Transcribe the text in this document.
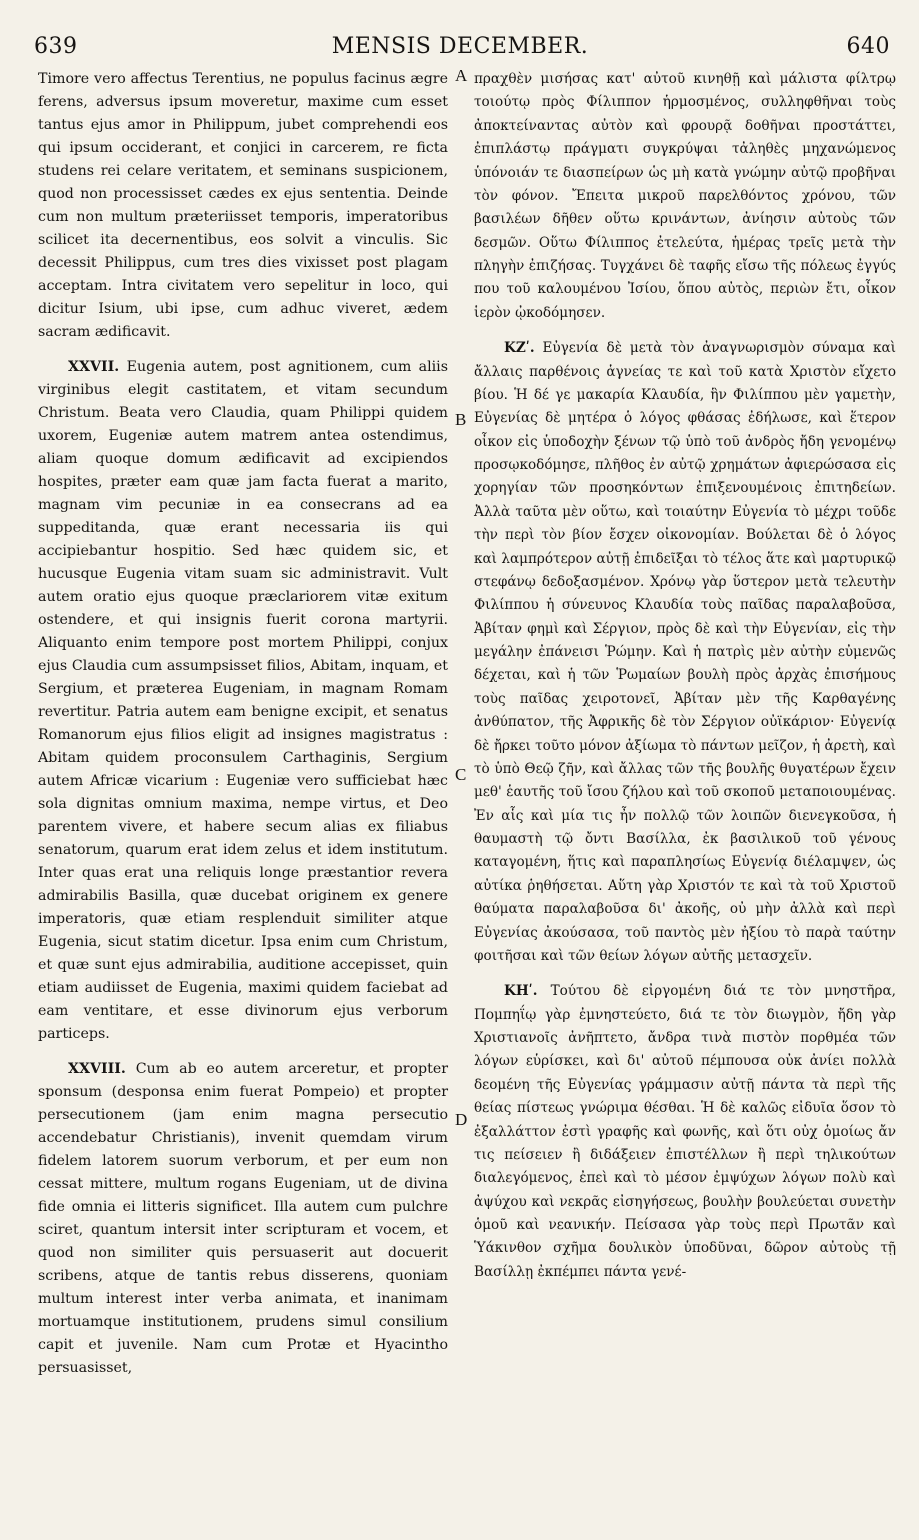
639	MENSIS DECEMBER.	640

Timore vero affectus Terentius, ne populus facinus ægre ferens, adversus ipsum moveretur, maxime cum esset tantus ejus amor in Philippum, jubet comprehendi eos qui ipsum occiderant, et conjici in carcerem, re ficta studens rei celare veritatem, et seminans suspicionem, quod non processisset cædes ex ejus sententia. Deinde cum non multum præteriisset temporis, imperatoribus scilicet ita decernentibus, eos solvit a vinculis. Sic decessit Philippus, cum tres dies vixisset post plagam acceptam. Intra civitatem vero sepelitur in loco, qui dicitur Isium, ubi ipse, cum adhuc viveret, ædem sacram ædificavit.

XXVII. Eugenia autem, post agnitionem, cum aliis virginibus elegit castitatem, et vitam secundum Christum. Beata vero Claudia, quam Philippi quidem uxorem, Eugeniæ autem matrem antea ostendimus, aliam quoque domum ædificavit ad excipiendos hospites, præter eam quæ jam facta fuerat a marito, magnam vim pecuniæ in ea consecrans ad ea suppeditanda, quæ erant necessaria iis qui accipiebantur hospitio. Sed hæc quidem sic, et hucusque Eugenia vitam suam sic administravit. Vult autem oratio ejus quoque præclariorem vitæ exitum ostendere, et qui insignis fuerit corona martyrii. Aliquanto enim tempore post mortem Philippi, conjux ejus Claudia cum assumpsisset filios, Abitam, inquam, et Sergium, et præterea Eugeniam, in magnam Romam revertitur. Patria autem eam benigne excipit, et senatus Romanorum ejus filios eligit ad insignes magistratus : Abitam quidem proconsulem Carthaginis, Sergium autem Africæ vicarium : Eugeniæ vero sufficiebat hæc sola dignitas omnium maxima, nempe virtus, et Deo parentem vivere, et habere secum alias ex filiabus senatorum, quarum erat idem zelus et idem institutum. Inter quas erat una reliquis longe præstantior revera admirabilis Basilla, quæ ducebat originem ex genere imperatoris, quæ etiam resplenduit similiter atque Eugenia, sicut statim dicetur. Ipsa enim cum Christum, et quæ sunt ejus admirabilia, auditione accepisset, quin etiam audiisset de Eugenia, maximi quidem faciebat ad eam ventitare, et esse divinorum ejus verborum particeps.

XXVIII. Cum ab eo autem arceretur, et propter sponsum (desponsa enim fuerat Pompeio) et propter persecutionem (jam enim magna persecutio accendebatur Christianis), invenit quemdam virum fidelem latorem suorum verborum, et per eum non cessat mittere, multum rogans Eugeniam, ut de divina fide omnia ei litteris significet. Illa autem cum pulchre sciret, quantum intersit inter scripturam et vocem, et quod non similiter quis persuaserit aut docuerit scribens, atque de tantis rebus disserens, quoniam multum interest inter verba animata, et inanimam mortuamque institutionem, prudens simul consilium capit et juvenile. Nam cum Protæ et Hyacintho persuasisset,

A
B
C
D

πραχθὲν μισήσας κατ' αὐτοῦ κινηθῇ καὶ μάλιστα φίλτρῳ τοιούτῳ πρὸς Φίλιππον ἡρμοσμένος, συλληφθῆναι τοὺς ἀποκτείναντας αὐτὸν καὶ φρουρᾷ δοθῆναι προστάττει, ἐπιπλάστῳ πράγματι συγκρύψαι τἀληθὲς μηχανώμενος ὑπόνοιάν τε διασπείρων ὡς μὴ κατὰ γνώμην αὐτῷ προβῆναι τὸν φόνον. Ἔπειτα μικροῦ παρελθόντος χρόνου, τῶν βασιλέων δῆθεν οὕτω κρινάντων, ἀνίησιν αὐτοὺς τῶν δεσμῶν. Οὕτω Φίλιππος ἐτελεύτα, ἡμέρας τρεῖς μετὰ τὴν πληγὴν ἐπιζήσας. Τυγχάνει δὲ ταφῆς εἴσω τῆς πόλεως ἐγγύς που τοῦ καλουμένου Ἰσίου, ὅπου αὐτὸς, περιὼν ἔτι, οἶκον ἱερὸν ᾠκοδόμησεν.

ΚΖʹ. Εὐγενία δὲ μετὰ τὸν ἀναγνωρισμὸν σύναμα καὶ ἄλλαις παρθένοις ἁγνείας τε καὶ τοῦ κατὰ Χριστὸν εἴχετο βίου. Ἡ δέ γε μακαρία Κλαυδία, ἣν Φιλίππου μὲν γαμετὴν, Εὐγενίας δὲ μητέρα ὁ λόγος φθάσας ἐδήλωσε, καὶ ἕτερον οἶκον εἰς ὑποδοχὴν ξένων τῷ ὑπὸ τοῦ ἀνδρὸς ἤδη γενομένῳ προσῳκοδόμησε, πλῆθος ἐν αὐτῷ χρημάτων ἀφιερώσασα εἰς χορηγίαν τῶν προσηκόντων ἐπιξενουμένοις ἐπιτηδείων. Ἀλλὰ ταῦτα μὲν οὕτω, καὶ τοιαύτην Εὐγενία τὸ μέχρι τοῦδε τὴν περὶ τὸν βίον ἔσχεν οἰκονομίαν. Βούλεται δὲ ὁ λόγος καὶ λαμπρότερον αὐτῇ ἐπιδεῖξαι τὸ τέλος ἅτε καὶ μαρτυρικῷ στεφάνῳ δεδοξασμένον. Χρόνῳ γὰρ ὕστερον μετὰ τελευτὴν Φιλίππου ἡ σύνευνος Κλαυδία τοὺς παῖδας παραλαβοῦσα, Ἀβίταν φημὶ καὶ Σέργιον, πρὸς δὲ καὶ τὴν Εὐγενίαν, εἰς τὴν μεγάλην ἐπάνεισι Ῥώμην. Καὶ ἡ πατρὶς μὲν αὐτὴν εὐμενῶς δέχεται, καὶ ἡ τῶν Ῥωμαίων βουλὴ πρὸς ἀρχὰς ἐπισήμους τοὺς παῖδας χειροτονεῖ, Ἀβίταν μὲν τῆς Καρθαγένης ἀνθύπατον, τῆς Ἀφρικῆς δὲ τὸν Σέργιον οὐϊκάριον· Εὐγενίᾳ δὲ ἤρκει τοῦτο μόνον ἀξίωμα τὸ πάντων μεῖζον, ἡ ἀρετὴ, καὶ τὸ ὑπὸ Θεῷ ζῆν, καὶ ἄλλας τῶν τῆς βουλῆς θυγατέρων ἔχειν μεθ' ἑαυτῆς τοῦ ἴσου ζήλου καὶ τοῦ σκοποῦ μεταποιουμένας. Ἐν αἷς καὶ μία τις ἦν πολλῷ τῶν λοιπῶν διενεγκοῦσα, ἡ θαυμαστὴ τῷ ὄντι Βασίλλα, ἐκ βασιλικοῦ τοῦ γένους καταγομένη, ἥτις καὶ παραπλησίως Εὐγενίᾳ διέλαμψεν, ὡς αὐτίκα ῥηθήσεται. Αὕτη γὰρ Χριστόν τε καὶ τὰ τοῦ Χριστοῦ θαύματα παραλαβοῦσα δι' ἀκοῆς, οὐ μὴν ἀλλὰ καὶ περὶ Εὐγενίας ἀκούσασα, τοῦ παντὸς μὲν ἠξίου τὸ παρὰ ταύτην φοιτῆσαι καὶ τῶν θείων λόγων αὐτῆς μετασχεῖν.

ΚΗʹ. Τούτου δὲ εἰργομένη διά τε τὸν μνηστῆρα, Πομπηΐῳ γὰρ ἐμνηστεύετο, διά τε τὸν διωγμὸν, ἤδη γὰρ Χριστιανοῖς ἀνῆπτετο, ἄνδρα τινὰ πιστὸν πορθμέα τῶν λόγων εὑρίσκει, καὶ δι' αὐτοῦ πέμπουσα οὐκ ἀνίει πολλὰ δεομένη τῆς Εὐγενίας γράμμασιν αὐτῇ πάντα τὰ περὶ τῆς θείας πίστεως γνώριμα θέσθαι. Ἡ δὲ καλῶς εἰδυῖα ὅσον τὸ ἐξαλλάττον ἐστὶ γραφῆς καὶ φωνῆς, καὶ ὅτι οὐχ ὁμοίως ἄν τις πείσειεν ἢ διδάξειεν ἐπιστέλλων ἢ περὶ τηλικούτων διαλεγόμενος, ἐπεὶ καὶ τὸ μέσον ἐμψύχων λόγων πολὺ καὶ ἀψύχου καὶ νεκρᾶς εἰσηγήσεως, βουλὴν βουλεύεται συνετὴν ὁμοῦ καὶ νεανικήν. Πείσασα γὰρ τοὺς περὶ Πρωτᾶν καὶ Ὑάκινθον σχῆμα δουλικὸν ὑποδῦναι, δῶρον αὐτοὺς τῇ Βασίλλῃ ἐκπέμπει πάντα γενέ-
